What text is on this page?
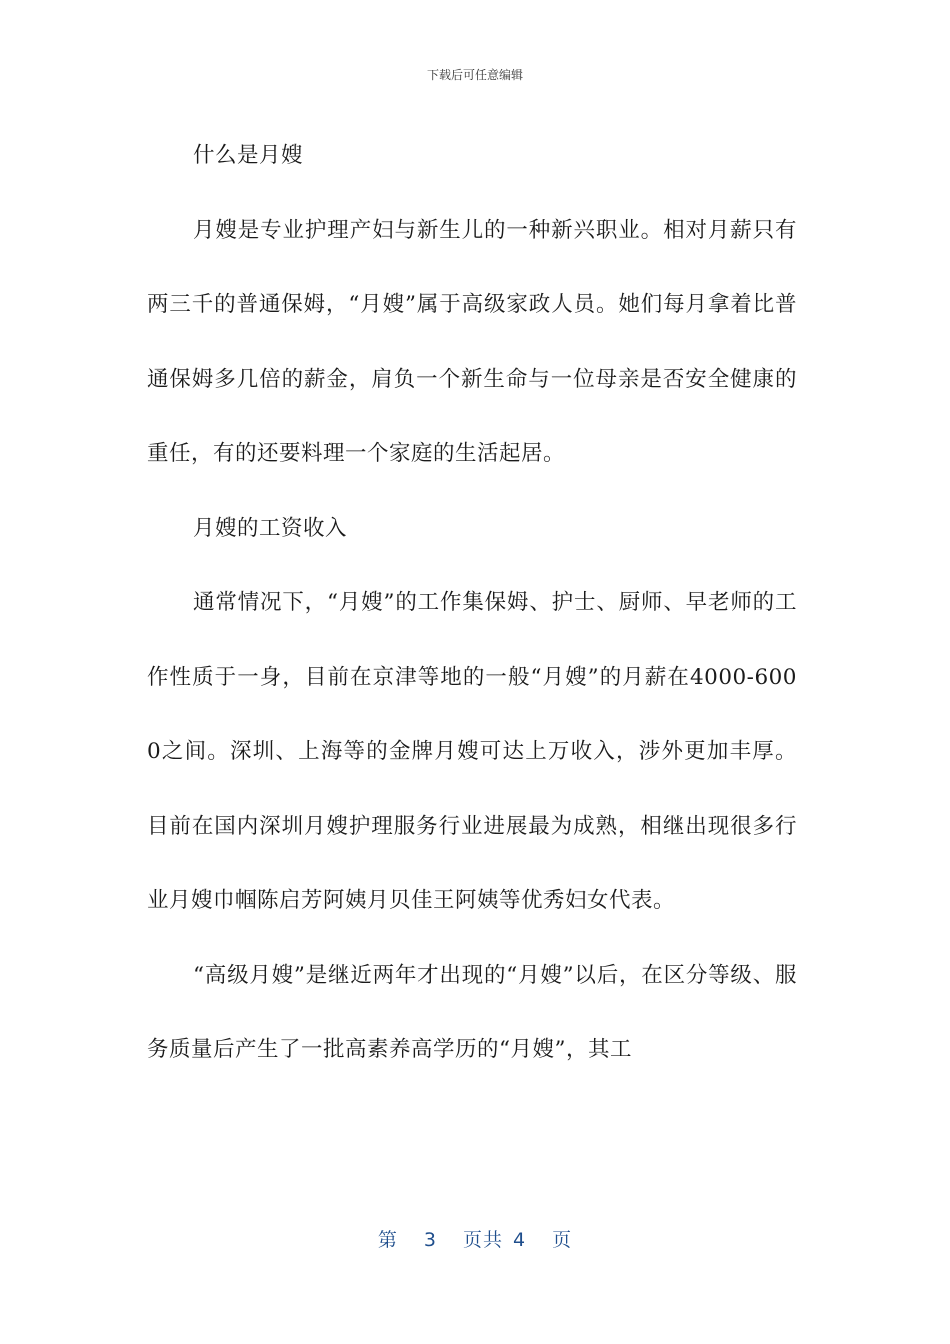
下载后可任意编辑

什么是月嫂

月嫂是专业护理产妇与新生儿的一种新兴职业。相对月薪只有两三千的普通保姆，“月嫂”属于高级家政人员。她们每月拿着比普通保姆多几倍的薪金，肩负一个新生命与一位母亲是否安全健康的重任，有的还要料理一个家庭的生活起居。

月嫂的工资收入

通常情况下，“月嫂”的工作集保姆、护士、厨师、早老师的工作性质于一身，目前在京津等地的一般“月嫂”的月薪在4000-6000之间。深圳、上海等的金牌月嫂可达上万收入，涉外更加丰厚。目前在国内深圳月嫂护理服务行业进展最为成熟，相继出现很多行业月嫂巾帼陈启芳阿姨月贝佳王阿姨等优秀妇女代表。

“高级月嫂”是继近两年才出现的“月嫂”以后，在区分等级、服务质量后产生了一批高素养高学历的“月嫂”，其工

第 3 页共 4 页
